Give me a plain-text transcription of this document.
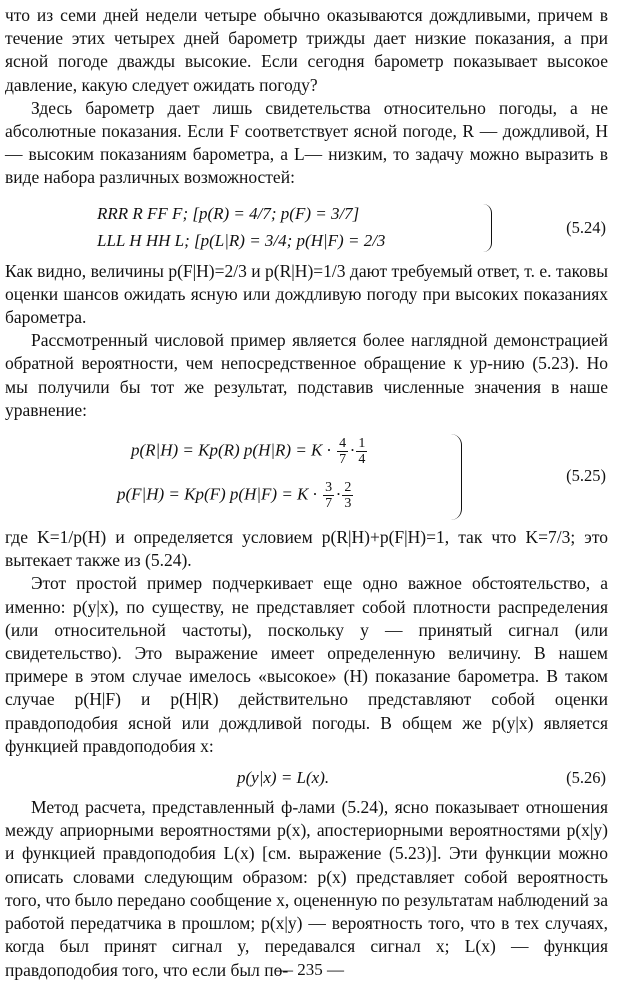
что из семи дней недели четыре обычно оказываются дождливыми, причем в течение этих четырех дней барометр трижды дает низкие показания, а при ясной погоде дважды высокие. Если сегодня барометр показывает высокое давление, какую следует ожидать погоду?

Здесь барометр дает лишь свидетельства относительно погоды, а не абсолютные показания. Если F соответствует ясной погоде, R — дождливой, H — высоким показаниям барометра, а L— низким, то задачу можно выразить в виде набора различных возможностей:

RRR R FF F; [p(R) = 4/7; p(F) = 3/7]
LLL H HH L; [p(L|R) = 3/4; p(H|F) = 2/3
(5.24)

Как видно, величины p(F|H)=2/3 и p(R|H)=1/3 дают требуемый ответ, т. е. таковы оценки шансов ожидать ясную или дождливую погоду при высоких показаниях барометра.

Рассмотренный числовой пример является более наглядной демонстрацией обратной вероятности, чем непосредственное обращение к ур-нию (5.23). Но мы получили бы тот же результат, подставив численные значения в наше уравнение:

p(R|H) = Kp(R) $p(H|R) = K \cdot \frac{4}{7} \cdot \frac{1}{4}$
p(F|H) = Kp(F) $p(H|F) = K \cdot \frac{3}{7} \cdot \frac{2}{3}$
(5.25)

где K=1/p(H) и определяется условием p(R|H)+p(F|H)=1, так что K=7/3; это вытекает также из (5.24).

Этот простой пример подчеркивает еще одно важное обстоятельство, а именно: p(y|x), по существу, не представляет собой плотности распределения (или относительной частоты), поскольку y — принятый сигнал (или свидетельство). Это выражение имеет определенную величину. В нашем примере в этом случае имелось «высокое» (H) показание барометра. В таком случае p(H|F) и p(H|R) действительно представляют собой оценки правдоподобия ясной или дождливой погоды. В общем же p(y|x) является функцией правдоподобия x:

p(y|x) = L(x).	(5.26)

Метод расчета, представленный ф-лами (5.24), ясно показывает отношения между априорными вероятностями p(x), апостериорными вероятностями p(x|y) и функцией правдоподобия L(x) [см. выражение (5.23)]. Эти функции можно описать словами следующим образом: p(x) представляет собой вероятность того, что было передано сообщение x, оцененную по результатам наблюдений за работой передатчика в прошлом; p(x|y) — вероятность того, что в тех случаях, когда был принят сигнал y, передавался сигнал x; L(x) — функция правдоподобия того, что если был по-

— 235 —
